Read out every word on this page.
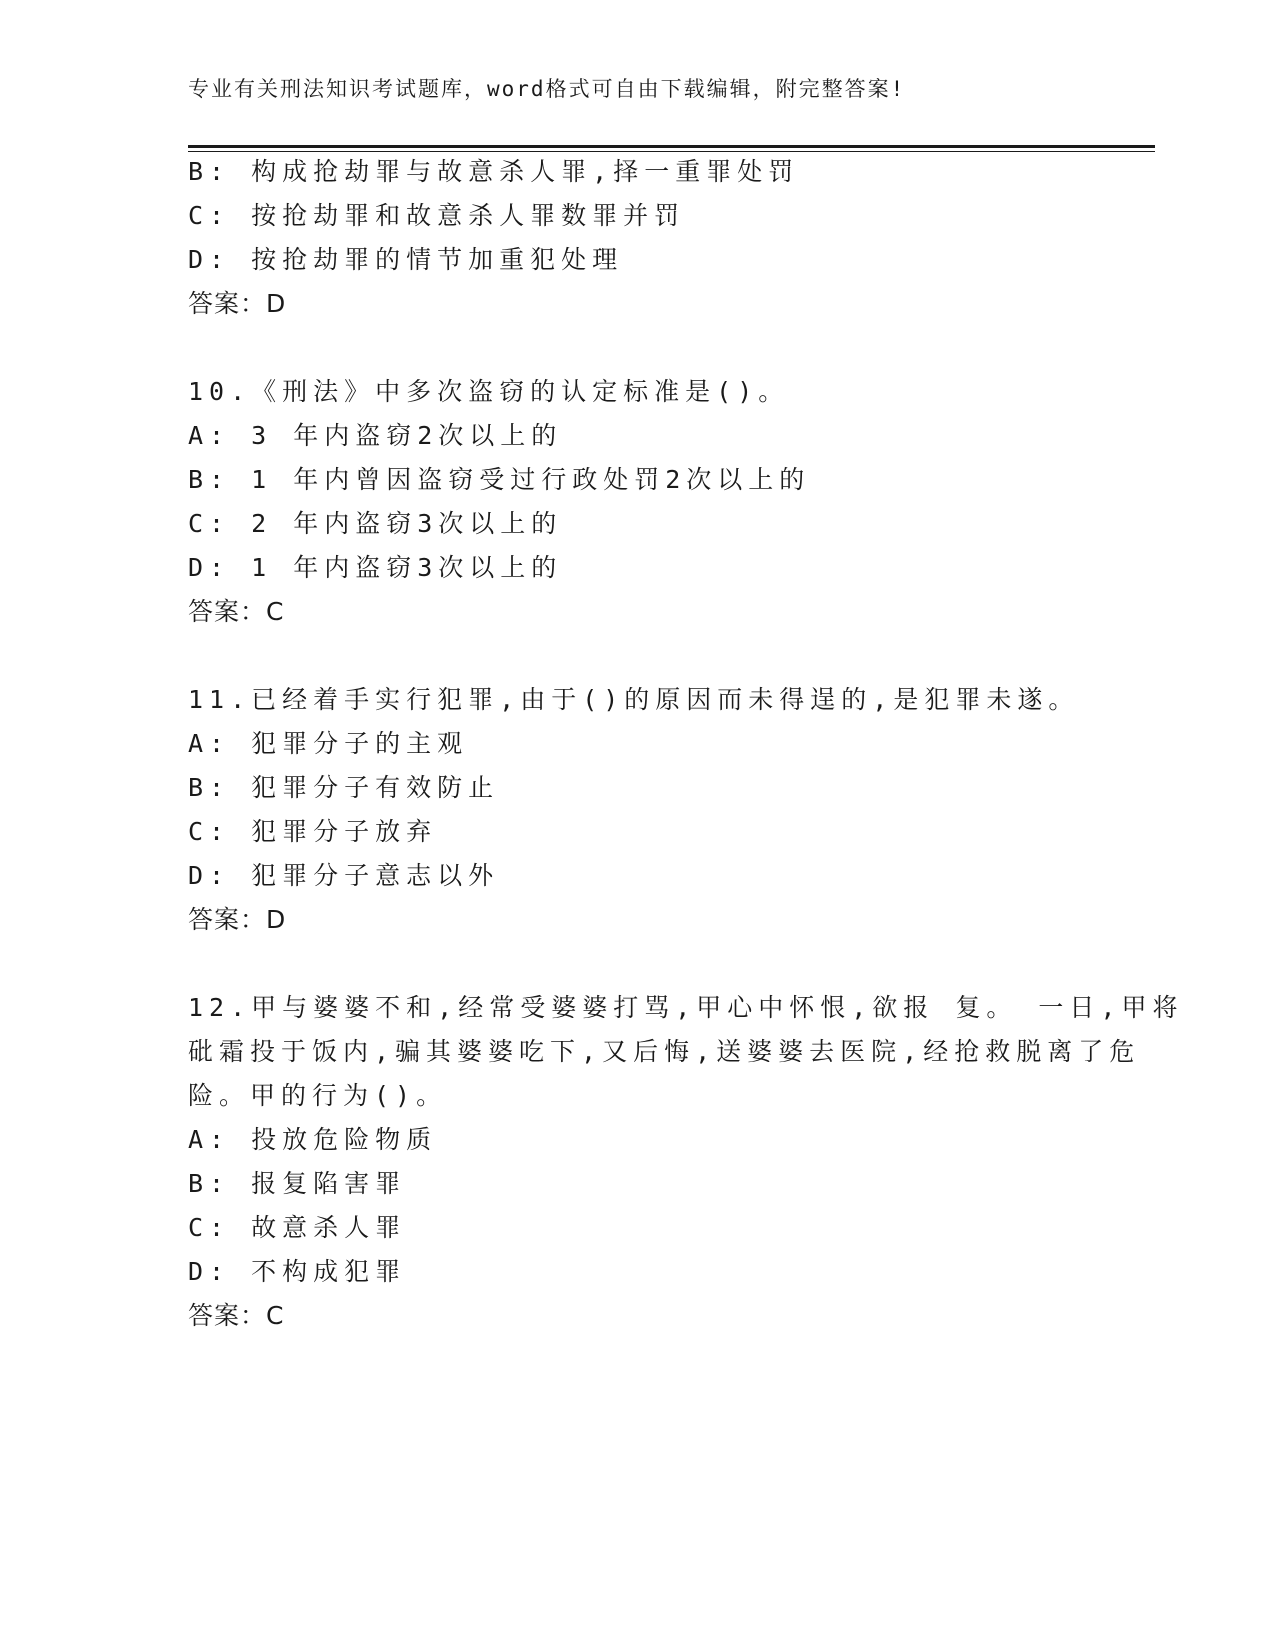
专业有关刑法知识考试题库，word格式可自由下载编辑，附完整答案!
B: 构成抢劫罪与故意杀人罪,择一重罪处罚
C: 按抢劫罪和故意杀人罪数罪并罚
D: 按抢劫罪的情节加重犯处理
答案：D
10.《刑法》中多次盗窃的认定标准是()。
A: 3 年内盗窃2次以上的
B: 1 年内曾因盗窃受过行政处罚2次以上的
C: 2 年内盗窃3次以上的
D: 1 年内盗窃3次以上的
答案：C
11.已经着手实行犯罪,由于()的原因而未得逞的,是犯罪未遂。
A: 犯罪分子的主观
B: 犯罪分子有效防止
C: 犯罪分子放弃
D: 犯罪分子意志以外
答案：D
12.甲与婆婆不和,经常受婆婆打骂,甲心中怀恨,欲报 复。 一日,甲将
砒霜投于饭内,骗其婆婆吃下,又后悔,送婆婆去医院,经抢救脱离了危
险。甲的行为()。
A: 投放危险物质
B: 报复陷害罪
C: 故意杀人罪
D: 不构成犯罪
答案：C
